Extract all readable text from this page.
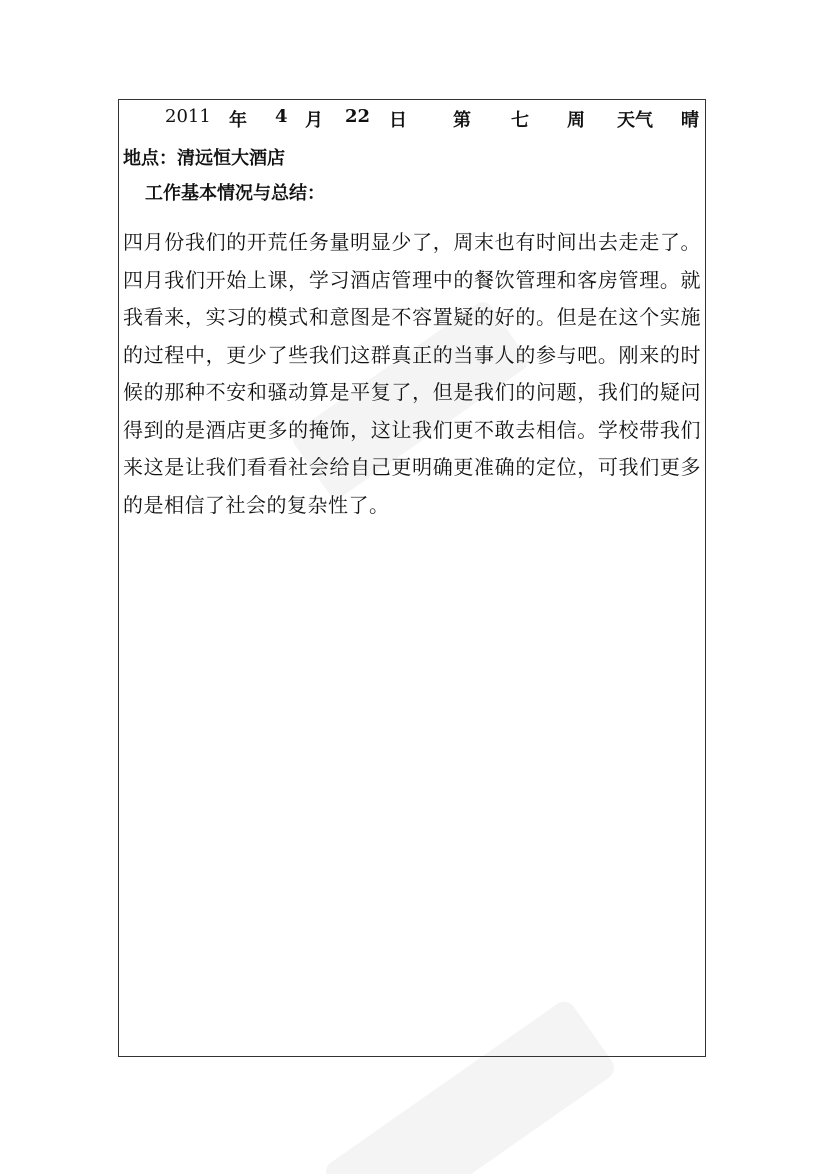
2011 年 4 月 22 日	第 七 周 天气 晴
地点：清远恒大酒店
工作基本情况与总结：
四月份我们的开荒任务量明显少了，周末也有时间出去走走了。四月我们开始上课，学习酒店管理中的餐饮管理和客房管理。就我看来，实习的模式和意图是不容置疑的好的。但是在这个实施的过程中，更少了些我们这群真正的当事人的参与吧。刚来的时候的那种不安和骚动算是平复了，但是我们的问题，我们的疑问得到的是酒店更多的掩饰，这让我们更不敢去相信。学校带我们来这是让我们看看社会给自己更明确更准确的定位，可我们更多的是相信了社会的复杂性了。
